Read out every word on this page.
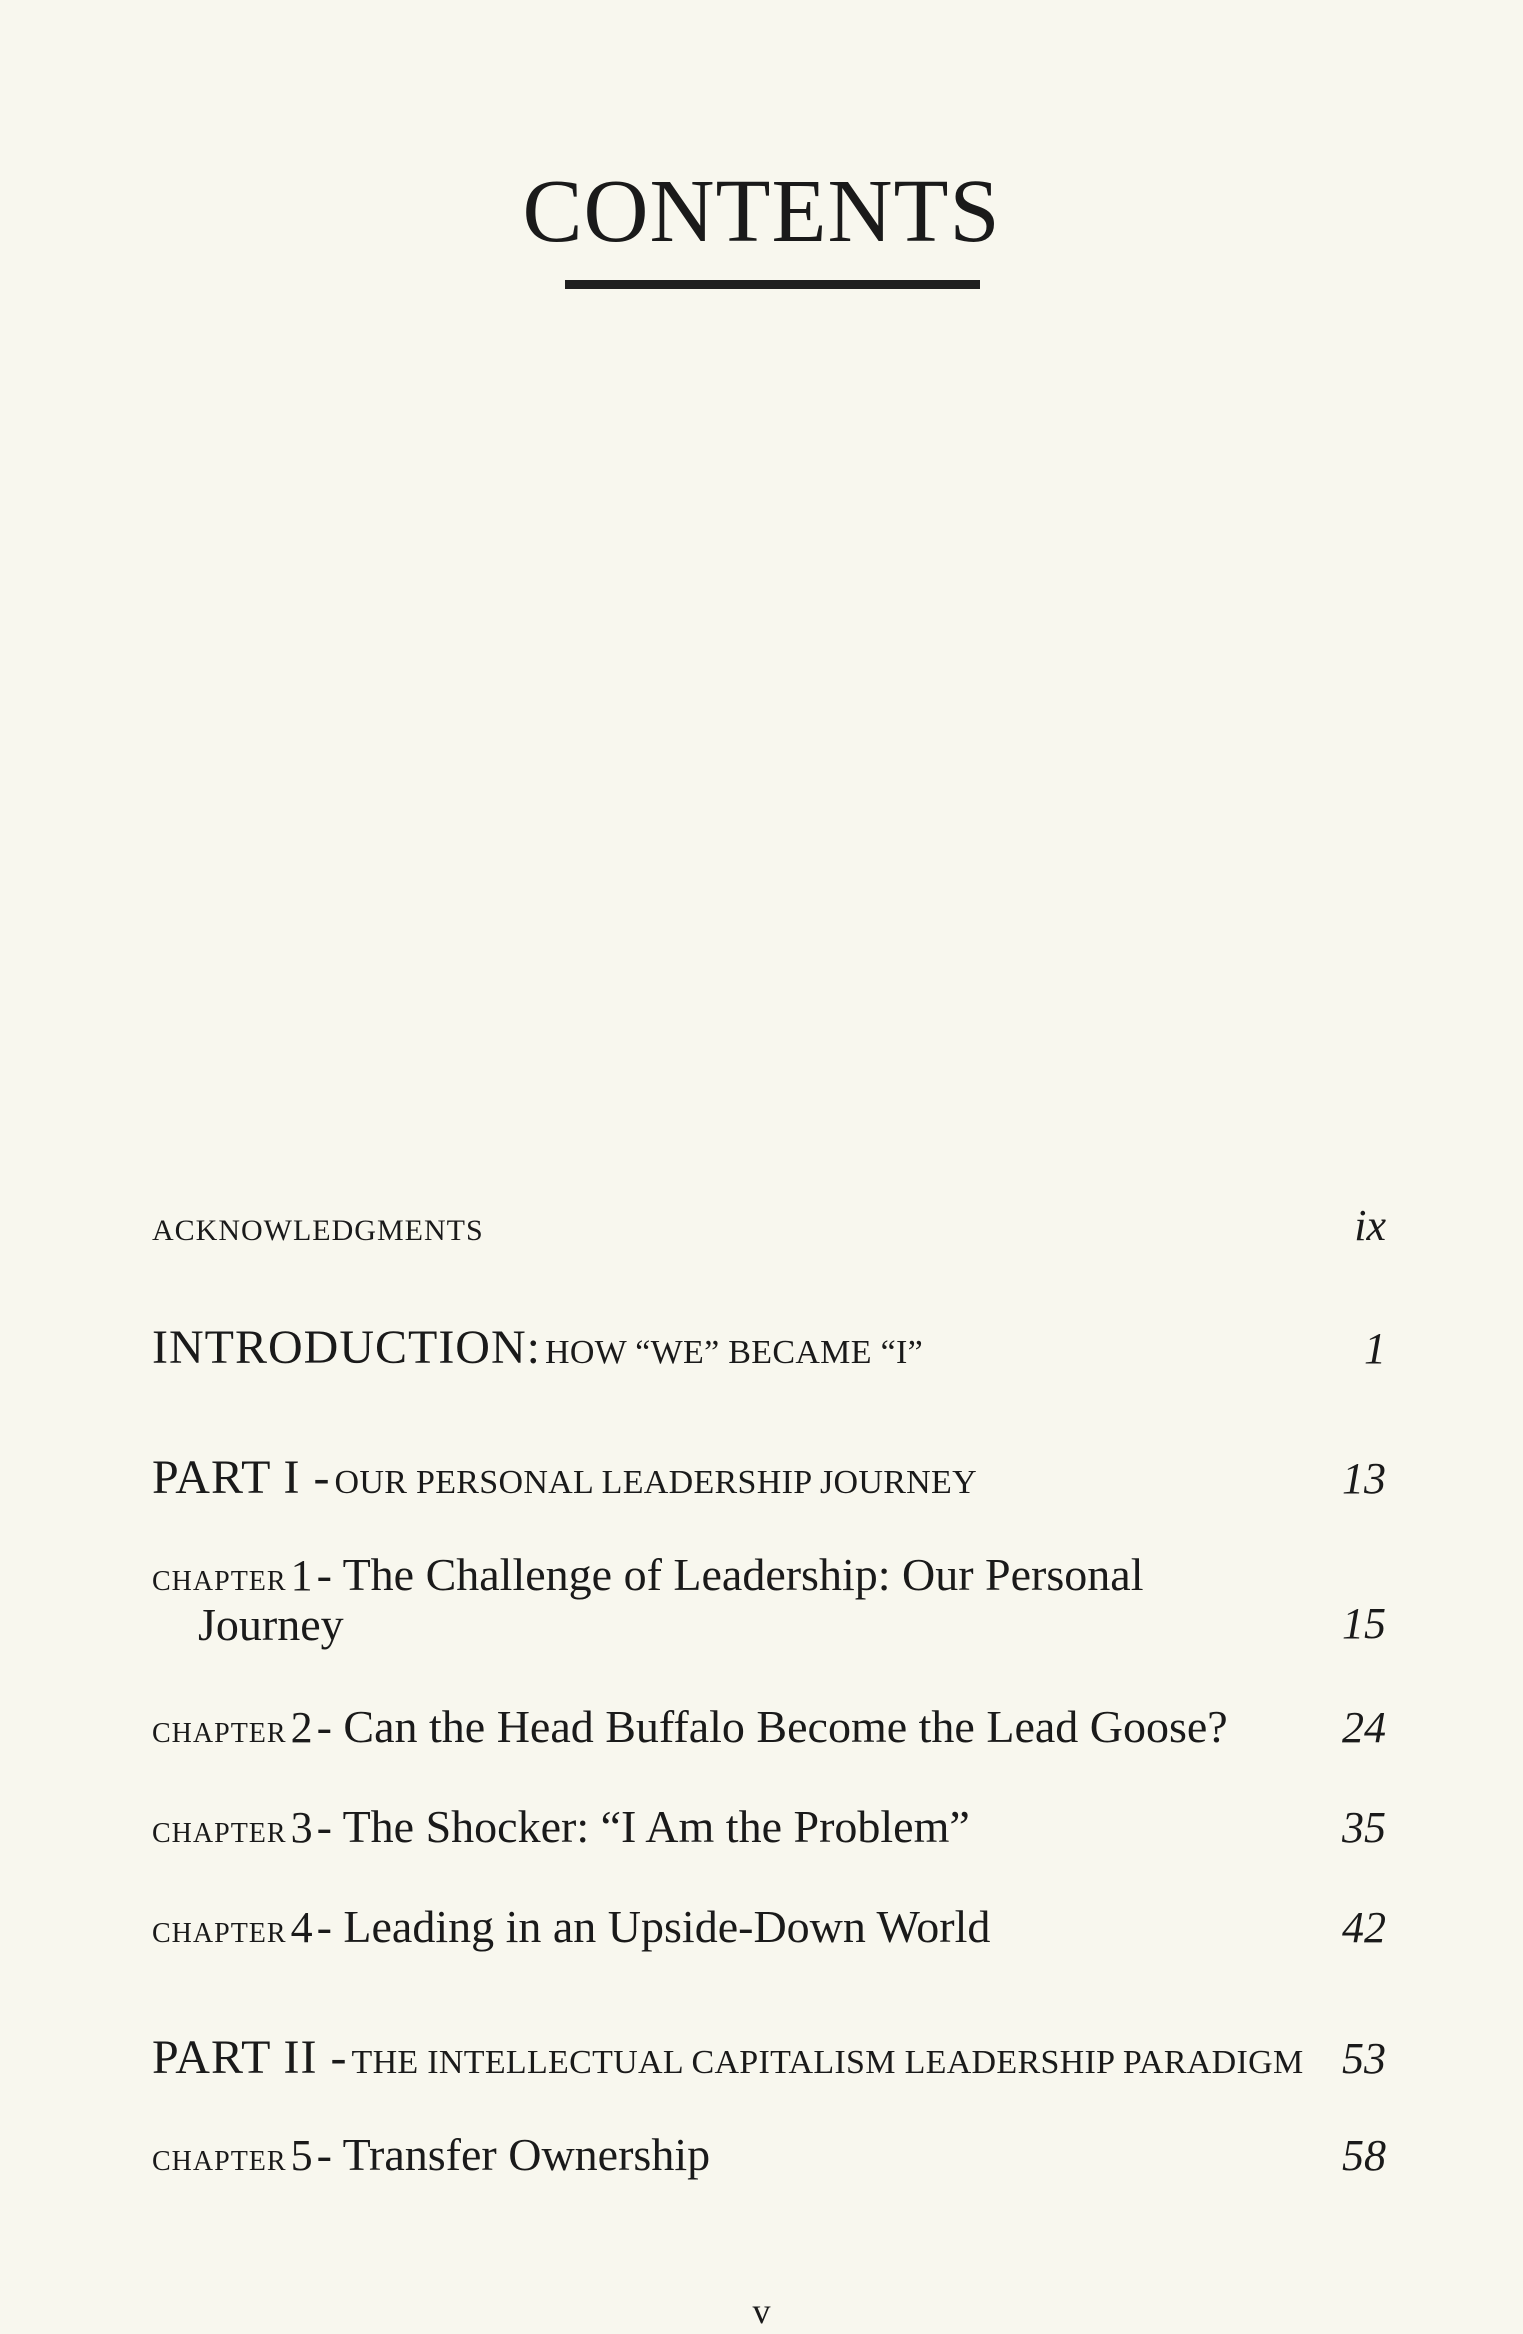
CONTENTS
ACKNOWLEDGMENTS	ix
INTRODUCTION: HOW “WE” BECAME “I”	1
PART I - OUR PERSONAL LEADERSHIP JOURNEY	13
chapter 1 - The Challenge of Leadership: Our Personal
Journey	15
chapter 2 - Can the Head Buffalo Become the Lead Goose?	24
chapter 3 - The Shocker: “I Am the Problem”	35
chapter 4 - Leading in an Upside-Down World	42
PART II - THE INTELLECTUAL CAPITALISM LEADERSHIP PARADIGM 53
chapter 5 - Transfer Ownership	58
v
